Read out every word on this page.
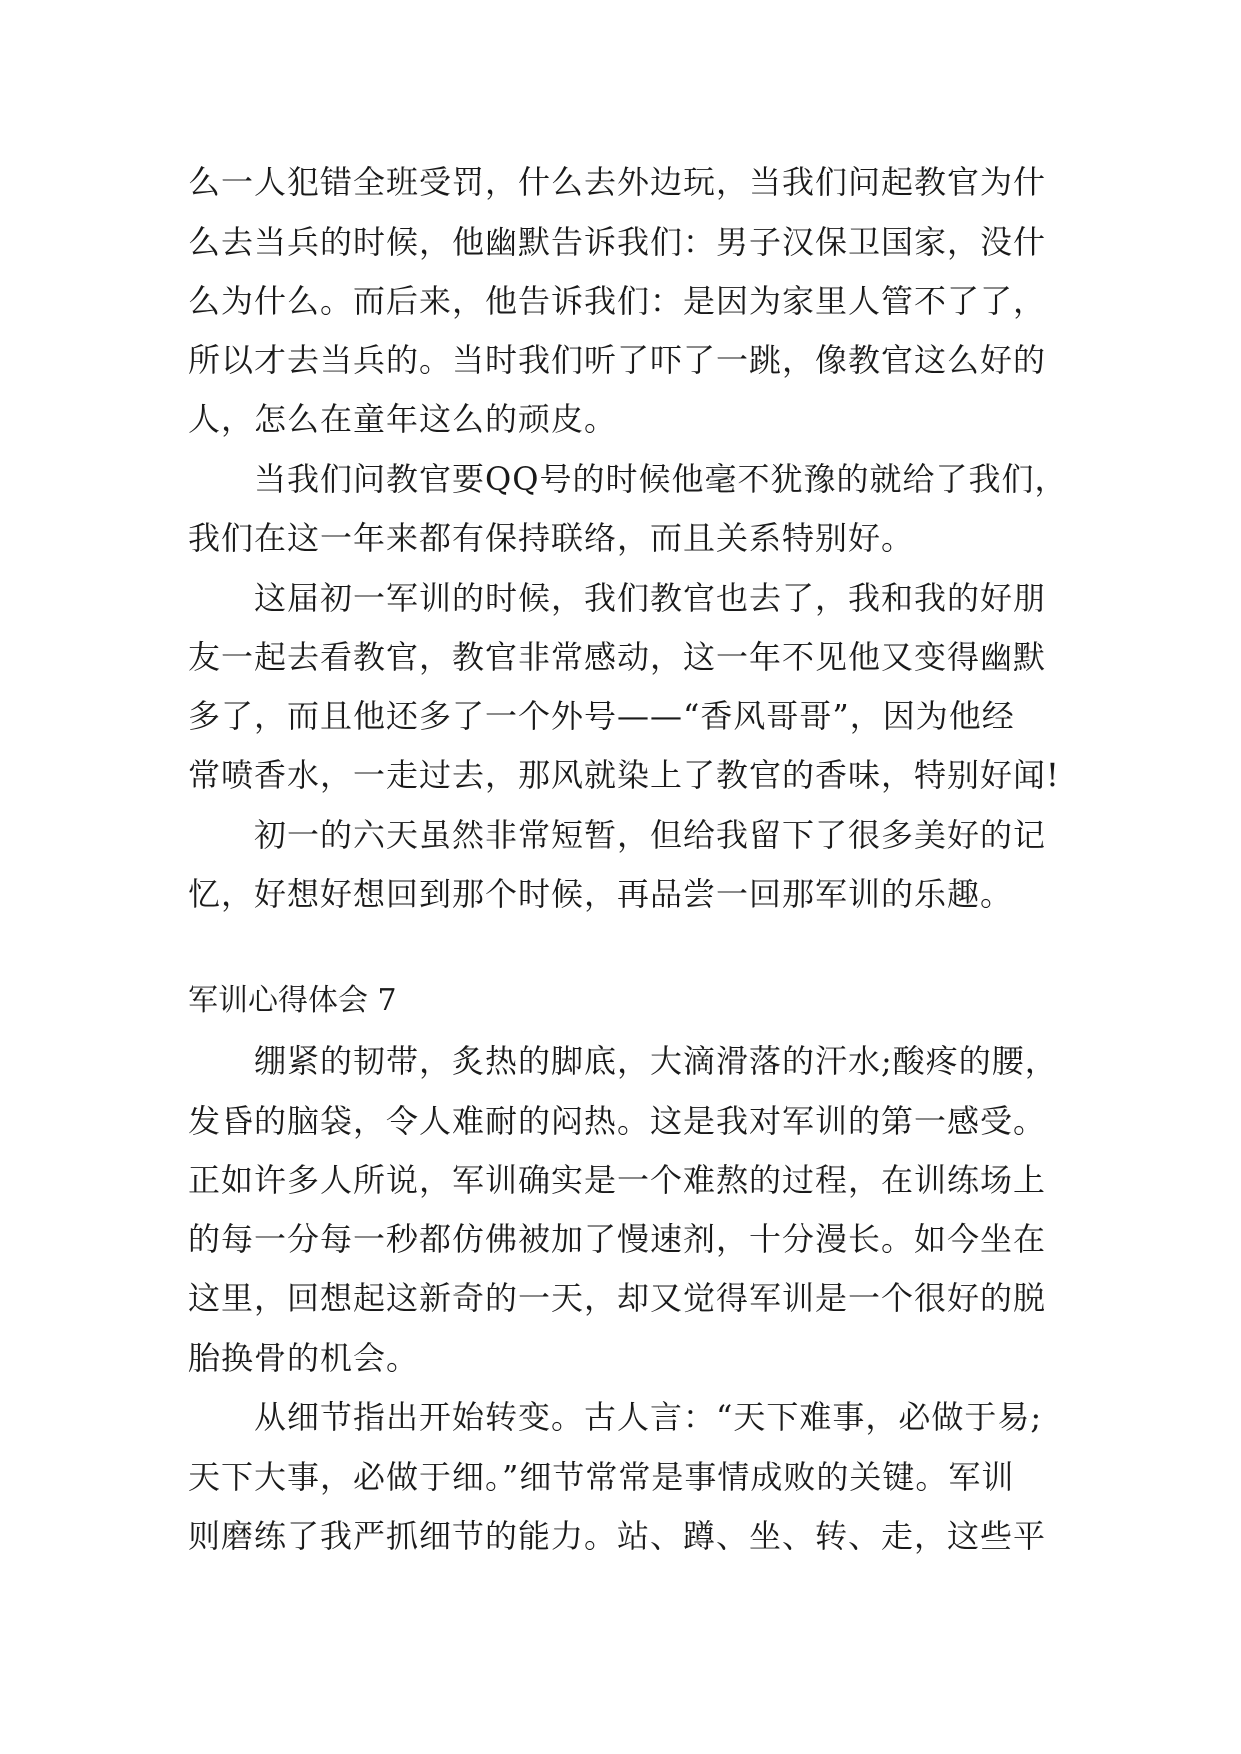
么一人犯错全班受罚，什么去外边玩，当我们问起教官为什
么去当兵的时候，他幽默告诉我们：男子汉保卫国家，没什
么为什么。而后来，他告诉我们：是因为家里人管不了了，
所以才去当兵的。当时我们听了吓了一跳，像教官这么好的
人，怎么在童年这么的顽皮。
　　当我们问教官要QQ号的时候他毫不犹豫的就给了我们，
我们在这一年来都有保持联络，而且关系特别好。
　　这届初一军训的时候，我们教官也去了，我和我的好朋
友一起去看教官，教官非常感动，这一年不见他又变得幽默
多了，而且他还多了一个外号——“香风哥哥”，因为他经
常喷香水，一走过去，那风就染上了教官的香味，特别好闻!
　　初一的六天虽然非常短暂，但给我留下了很多美好的记
忆，好想好想回到那个时候，再品尝一回那军训的乐趣。
军训心得体会 7
　　绷紧的韧带，炙热的脚底，大滴滑落的汗水;酸疼的腰，
发昏的脑袋，令人难耐的闷热。这是我对军训的第一感受。
正如许多人所说，军训确实是一个难熬的过程，在训练场上
的每一分每一秒都仿佛被加了慢速剂，十分漫长。如今坐在
这里，回想起这新奇的一天，却又觉得军训是一个很好的脱
胎换骨的机会。
　　从细节指出开始转变。古人言：“天下难事，必做于易;
天下大事，必做于细。”细节常常是事情成败的关键。军训
则磨练了我严抓细节的能力。站、蹲、坐、转、走，这些平
